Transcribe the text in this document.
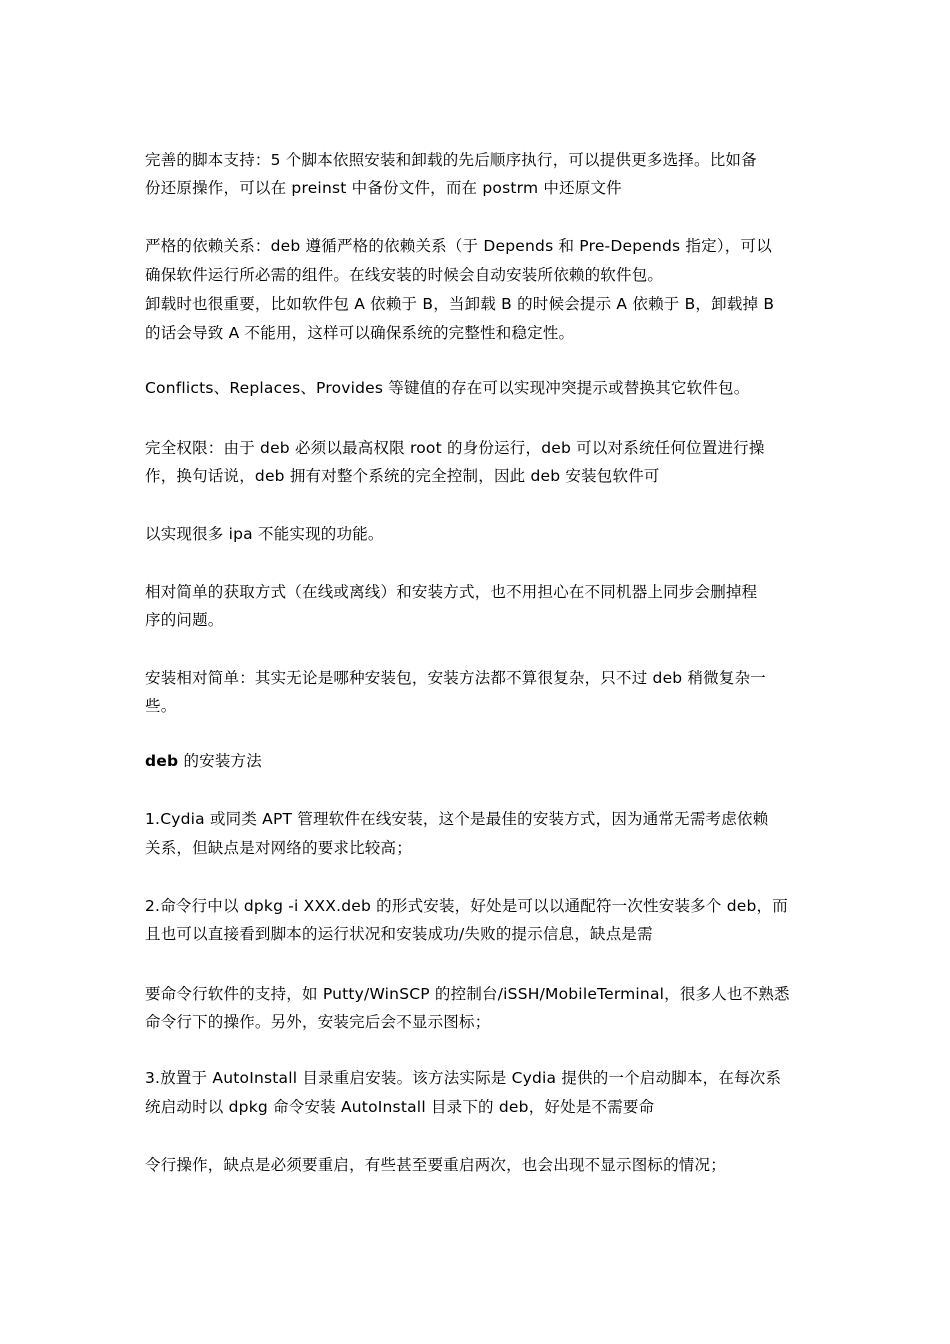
完善的脚本支持：5 个脚本依照安装和卸载的先后顺序执行，可以提供更多选择。比如备
份还原操作，可以在 preinst 中备份文件，而在 postrm 中还原文件
严格的依赖关系：deb 遵循严格的依赖关系（于 Depends 和 Pre-Depends 指定），可以
确保软件运行所必需的组件。在线安装的时候会自动安装所依赖的软件包。
卸载时也很重要，比如软件包 A 依赖于 B，当卸载 B 的时候会提示 A 依赖于 B，卸载掉 B
的话会导致 A 不能用，这样可以确保系统的完整性和稳定性。
Conflicts、Replaces、Provides 等键值的存在可以实现冲突提示或替换其它软件包。
完全权限：由于 deb 必须以最高权限 root 的身份运行，deb 可以对系统任何位置进行操
作，换句话说，deb 拥有对整个系统的完全控制，因此 deb 安装包软件可
以实现很多 ipa 不能实现的功能。
相对简单的获取方式（在线或离线）和安装方式，也不用担心在不同机器上同步会删掉程
序的问题。
安装相对简单：其实无论是哪种安装包，安装方法都不算很复杂，只不过 deb 稍微复杂一
些。
deb 的安装方法
1.Cydia 或同类 APT 管理软件在线安装，这个是最佳的安装方式，因为通常无需考虑依赖
关系，但缺点是对网络的要求比较高；
2.命令行中以 dpkg -i XXX.deb 的形式安装，好处是可以以通配符一次性安装多个 deb，而
且也可以直接看到脚本的运行状况和安装成功/失败的提示信息，缺点是需
要命令行软件的支持，如 Putty/WinSCP 的控制台/iSSH/MobileTerminal，很多人也不熟悉
命令行下的操作。另外，安装完后会不显示图标；
3.放置于 AutoInstall 目录重启安装。该方法实际是 Cydia 提供的一个启动脚本，在每次系
统启动时以 dpkg 命令安装 AutoInstall 目录下的 deb，好处是不需要命
令行操作，缺点是必须要重启，有些甚至要重启两次，也会出现不显示图标的情况；
